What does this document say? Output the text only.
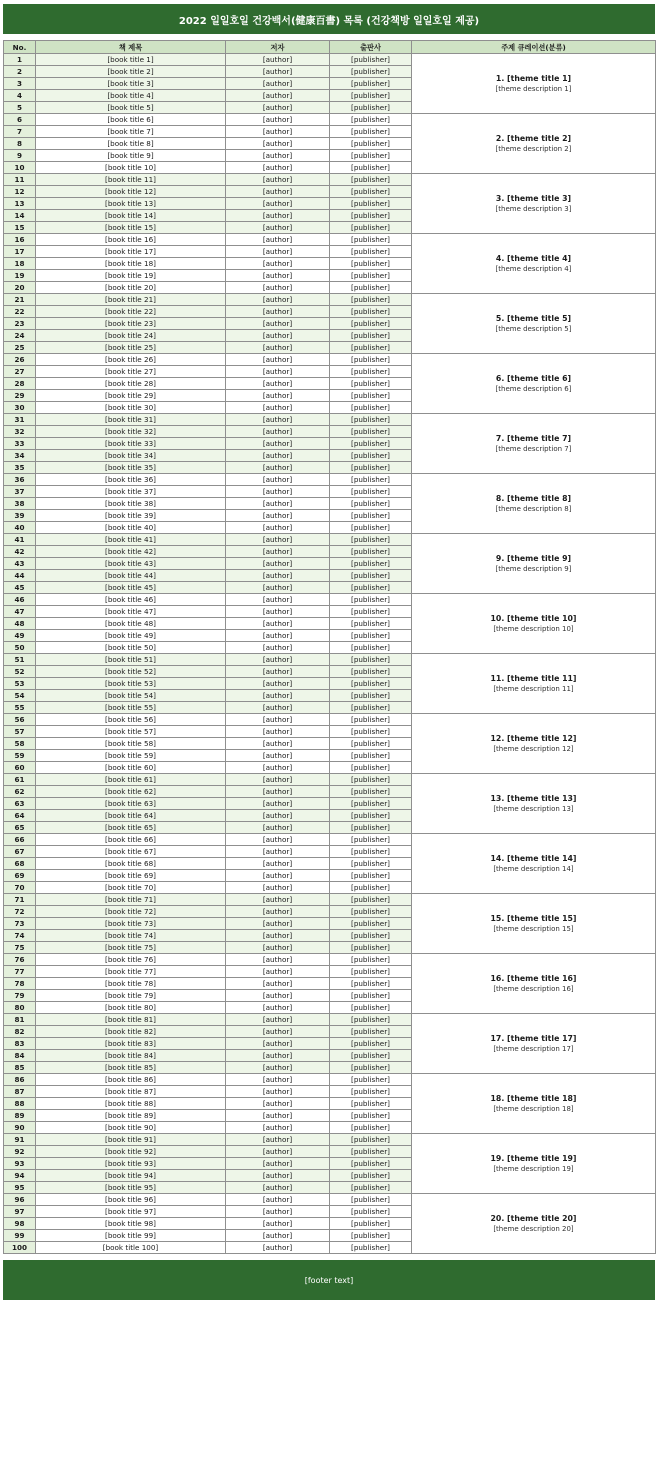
2022 일일호일 건강백서(健康百書) 목록 (건강책방 일일호일 제공)
No.	책 제목	저자	출판사	주제 큐레이션(분류)
1	[book title 1]	[author]	[publisher]	1. [theme title 1]
[theme description 1]

2	[book title 2]	[author]	[publisher]	
3	[book title 3]	[author]	[publisher]	
4	[book title 4]	[author]	[publisher]	
5	[book title 5]	[author]	[publisher]	
6	[book title 6]	[author]	[publisher]	2. [theme title 2]
[theme description 2]

7	[book title 7]	[author]	[publisher]	
8	[book title 8]	[author]	[publisher]	
9	[book title 9]	[author]	[publisher]	
10	[book title 10]	[author]	[publisher]	
11	[book title 11]	[author]	[publisher]	3. [theme title 3]
[theme description 3]

12	[book title 12]	[author]	[publisher]	
13	[book title 13]	[author]	[publisher]	
14	[book title 14]	[author]	[publisher]	
15	[book title 15]	[author]	[publisher]	
16	[book title 16]	[author]	[publisher]	4. [theme title 4]
[theme description 4]

17	[book title 17]	[author]	[publisher]	
18	[book title 18]	[author]	[publisher]	
19	[book title 19]	[author]	[publisher]	
20	[book title 20]	[author]	[publisher]	
21	[book title 21]	[author]	[publisher]	5. [theme title 5]
[theme description 5]

22	[book title 22]	[author]	[publisher]	
23	[book title 23]	[author]	[publisher]	
24	[book title 24]	[author]	[publisher]	
25	[book title 25]	[author]	[publisher]	
26	[book title 26]	[author]	[publisher]	6. [theme title 6]
[theme description 6]

27	[book title 27]	[author]	[publisher]	
28	[book title 28]	[author]	[publisher]	
29	[book title 29]	[author]	[publisher]	
30	[book title 30]	[author]	[publisher]	
31	[book title 31]	[author]	[publisher]	7. [theme title 7]
[theme description 7]

32	[book title 32]	[author]	[publisher]	
33	[book title 33]	[author]	[publisher]	
34	[book title 34]	[author]	[publisher]	
35	[book title 35]	[author]	[publisher]	
36	[book title 36]	[author]	[publisher]	8. [theme title 8]
[theme description 8]

37	[book title 37]	[author]	[publisher]	
38	[book title 38]	[author]	[publisher]	
39	[book title 39]	[author]	[publisher]	
40	[book title 40]	[author]	[publisher]	
41	[book title 41]	[author]	[publisher]	9. [theme title 9]
[theme description 9]

42	[book title 42]	[author]	[publisher]	
43	[book title 43]	[author]	[publisher]	
44	[book title 44]	[author]	[publisher]	
45	[book title 45]	[author]	[publisher]	
46	[book title 46]	[author]	[publisher]	10. [theme title 10]
[theme description 10]

47	[book title 47]	[author]	[publisher]	
48	[book title 48]	[author]	[publisher]	
49	[book title 49]	[author]	[publisher]	
50	[book title 50]	[author]	[publisher]	
51	[book title 51]	[author]	[publisher]	11. [theme title 11]
[theme description 11]

52	[book title 52]	[author]	[publisher]	
53	[book title 53]	[author]	[publisher]	
54	[book title 54]	[author]	[publisher]	
55	[book title 55]	[author]	[publisher]	
56	[book title 56]	[author]	[publisher]	12. [theme title 12]
[theme description 12]

57	[book title 57]	[author]	[publisher]	
58	[book title 58]	[author]	[publisher]	
59	[book title 59]	[author]	[publisher]	
60	[book title 60]	[author]	[publisher]	
61	[book title 61]	[author]	[publisher]	13. [theme title 13]
[theme description 13]

62	[book title 62]	[author]	[publisher]	
63	[book title 63]	[author]	[publisher]	
64	[book title 64]	[author]	[publisher]	
65	[book title 65]	[author]	[publisher]	
66	[book title 66]	[author]	[publisher]	14. [theme title 14]
[theme description 14]

67	[book title 67]	[author]	[publisher]	
68	[book title 68]	[author]	[publisher]	
69	[book title 69]	[author]	[publisher]	
70	[book title 70]	[author]	[publisher]	
71	[book title 71]	[author]	[publisher]	15. [theme title 15]
[theme description 15]

72	[book title 72]	[author]	[publisher]	
73	[book title 73]	[author]	[publisher]	
74	[book title 74]	[author]	[publisher]	
75	[book title 75]	[author]	[publisher]	
76	[book title 76]	[author]	[publisher]	16. [theme title 16]
[theme description 16]

77	[book title 77]	[author]	[publisher]	
78	[book title 78]	[author]	[publisher]	
79	[book title 79]	[author]	[publisher]	
80	[book title 80]	[author]	[publisher]	
81	[book title 81]	[author]	[publisher]	17. [theme title 17]
[theme description 17]

82	[book title 82]	[author]	[publisher]	
83	[book title 83]	[author]	[publisher]	
84	[book title 84]	[author]	[publisher]	
85	[book title 85]	[author]	[publisher]	
86	[book title 86]	[author]	[publisher]	18. [theme title 18]
[theme description 18]

87	[book title 87]	[author]	[publisher]	
88	[book title 88]	[author]	[publisher]	
89	[book title 89]	[author]	[publisher]	
90	[book title 90]	[author]	[publisher]	
91	[book title 91]	[author]	[publisher]	19. [theme title 19]
[theme description 19]

92	[book title 92]	[author]	[publisher]	
93	[book title 93]	[author]	[publisher]	
94	[book title 94]	[author]	[publisher]	
95	[book title 95]	[author]	[publisher]	
96	[book title 96]	[author]	[publisher]	20. [theme title 20]
[theme description 20]

97	[book title 97]	[author]	[publisher]	
98	[book title 98]	[author]	[publisher]	
99	[book title 99]	[author]	[publisher]	
100	[book title 100]	[author]	[publisher]	
[footer text]
